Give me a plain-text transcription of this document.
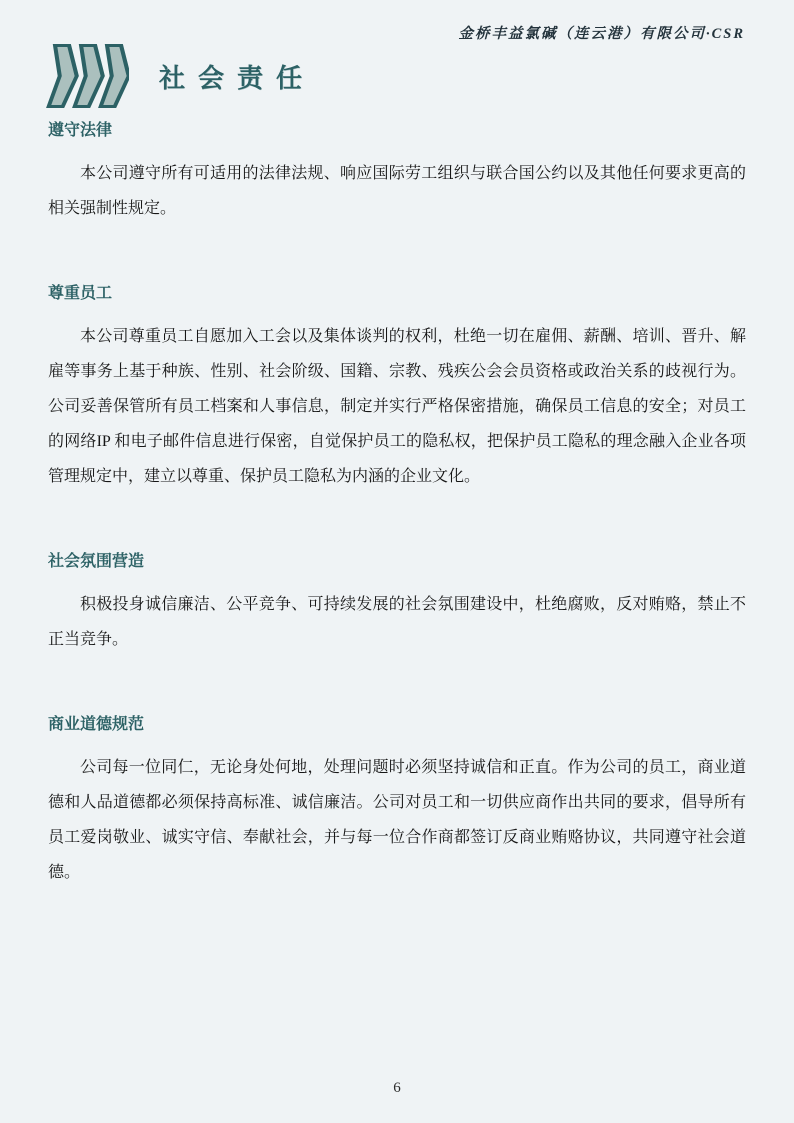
金桥丰益氯碱（连云港）有限公司·CSR
社会责任
遵守法律

本公司遵守所有可适用的法律法规、响应国际劳工组织与联合国公约以及其他任何要求更高的相关强制性规定。

尊重员工

本公司尊重员工自愿加入工会以及集体谈判的权利，杜绝一切在雇佣、薪酬、培训、晋升、解雇等事务上基于种族、性别、社会阶级、国籍、宗教、残疾公会会员资格或政治关系的歧视行为。公司妥善保管所有员工档案和人事信息，制定并实行严格保密措施，确保员工信息的安全；对员工的网络IP 和电子邮件信息进行保密，自觉保护员工的隐私权，把保护员工隐私的理念融入企业各项管理规定中，建立以尊重、保护员工隐私为内涵的企业文化。

社会氛围营造

积极投身诚信廉洁、公平竞争、可持续发展的社会氛围建设中，杜绝腐败，反对贿赂，禁止不正当竞争。

商业道德规范

公司每一位同仁，无论身处何地，处理问题时必须坚持诚信和正直。作为公司的员工，商业道德和人品道德都必须保持高标准、诚信廉洁。公司对员工和一切供应商作出共同的要求，倡导所有员工爱岗敬业、诚实守信、奉献社会，并与每一位合作商都签订反商业贿赂协议，共同遵守社会道德。

6
